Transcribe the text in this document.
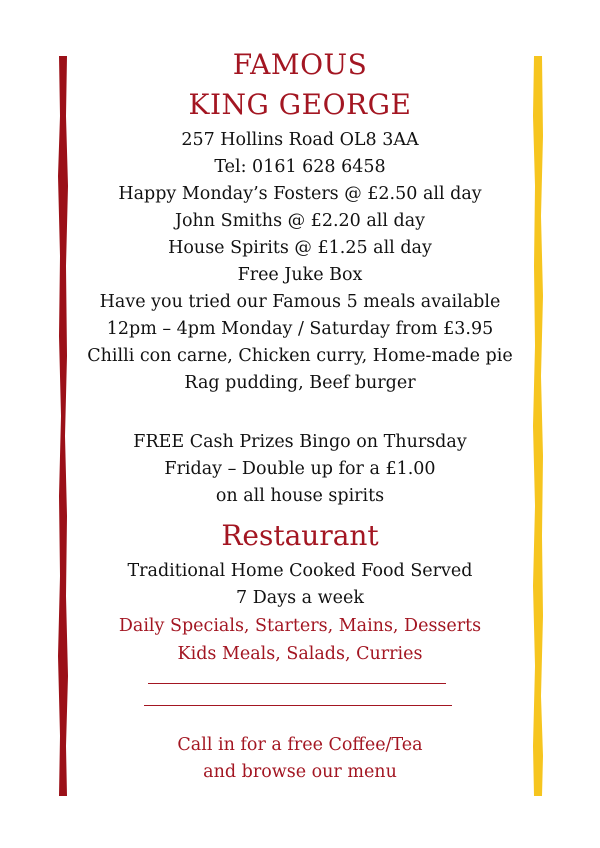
FAMOUS
KING GEORGE
257 Hollins Road OL8 3AA
Tel: 0161 628 6458
Happy Monday’s Fosters @ £2.50 all day
John Smiths @ £2.20 all day
House Spirits @ £1.25 all day
Free Juke Box
Have you tried our Famous 5 meals available
12pm – 4pm Monday / Saturday from £3.95
Chilli con carne, Chicken curry, Home-made pie
Rag pudding, Beef burger
FREE Cash Prizes Bingo on Thursday
Friday – Double up for a £1.00
on all house spirits
Restaurant
Traditional Home Cooked Food Served
7 Days a week
Daily Specials, Starters, Mains, Desserts
Kids Meals, Salads, Curries
Call in for a free Coffee/Tea
and browse our menu
